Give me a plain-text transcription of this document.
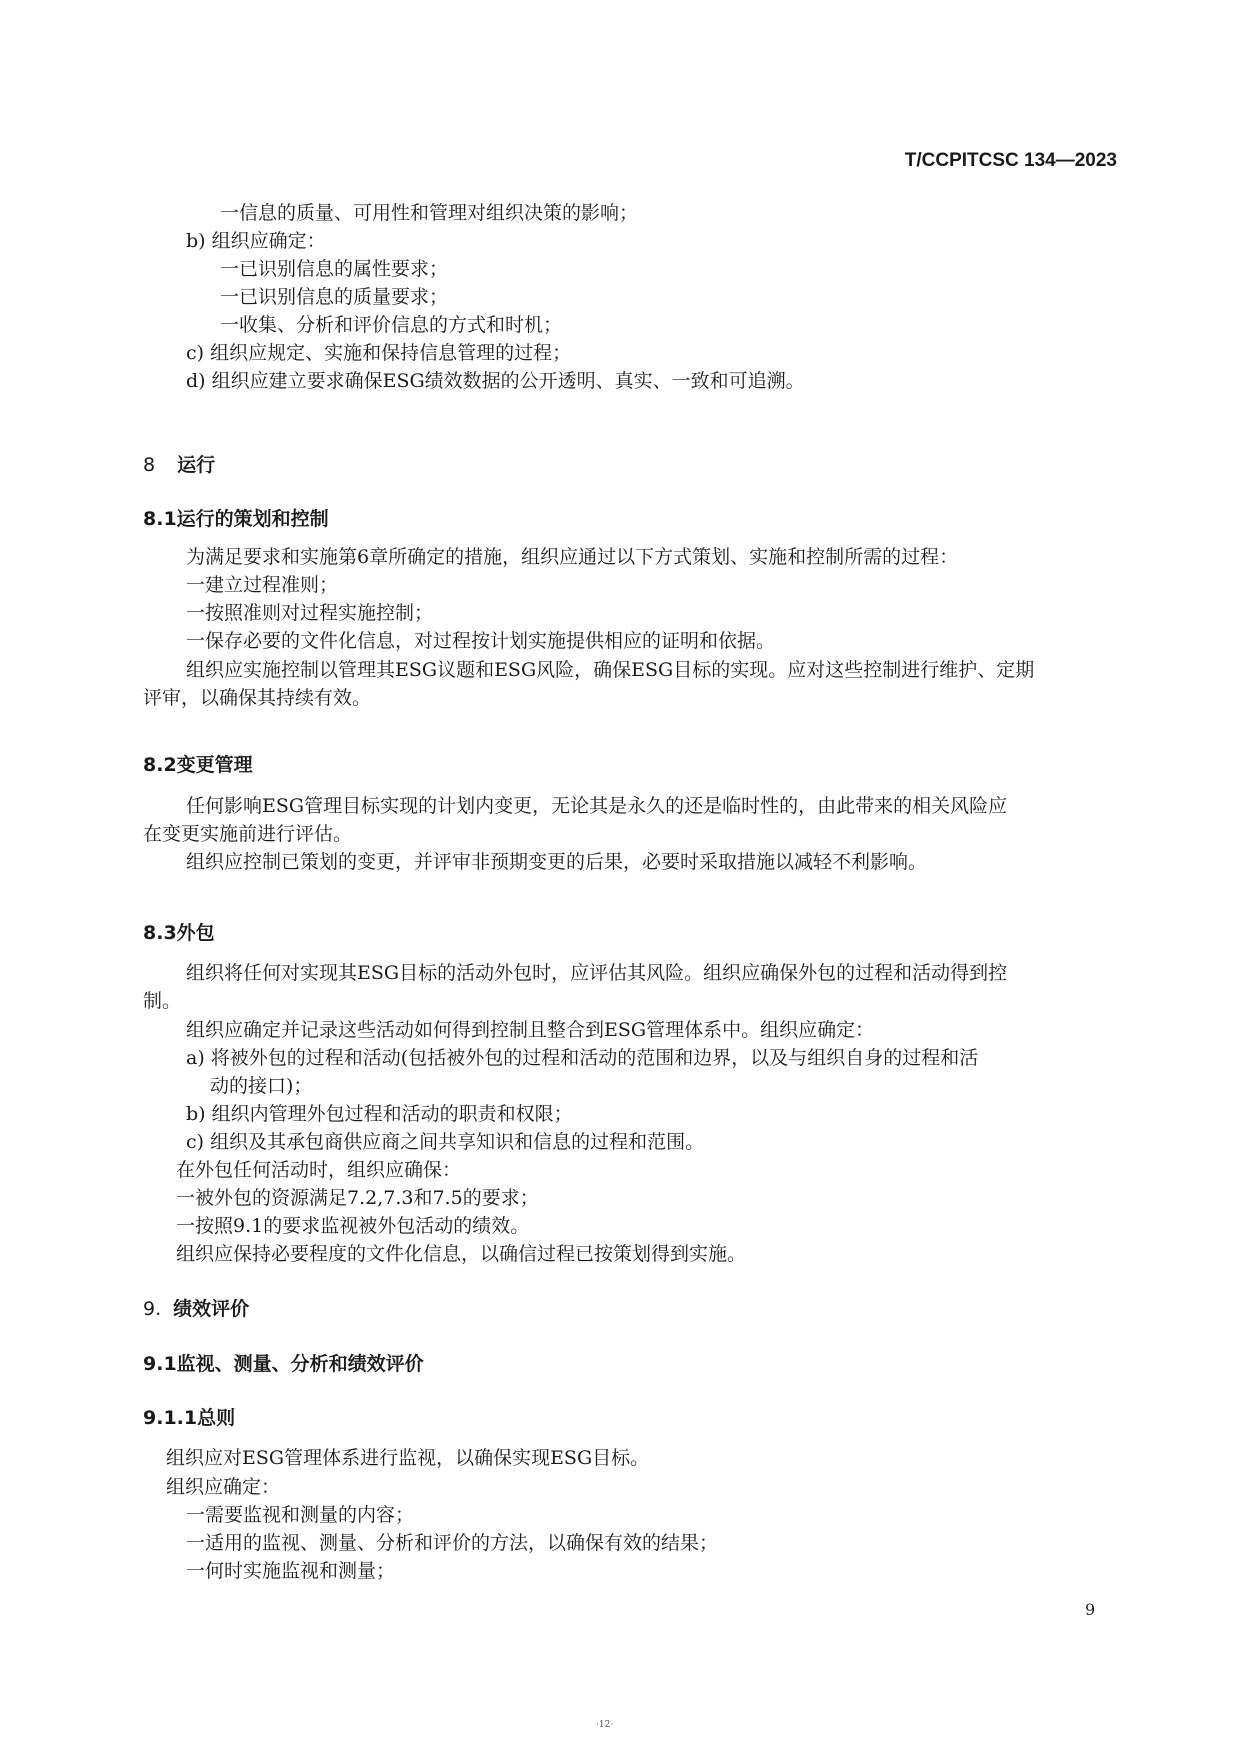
T/CCPITCSC 134—2023
一信息的质量、可用性和管理对组织决策的影响；
b) 组织应确定：
一已识别信息的属性要求；
一已识别信息的质量要求；
一收集、分析和评价信息的方式和时机；
c) 组织应规定、实施和保持信息管理的过程；
d) 组织应建立要求确保ESG绩效数据的公开透明、真实、一致和可追溯。
8 运行
8.1运行的策划和控制
为满足要求和实施第6章所确定的措施，组织应通过以下方式策划、实施和控制所需的过程：
一建立过程准则；
一按照准则对过程实施控制；
一保存必要的文件化信息，对过程按计划实施提供相应的证明和依据。
组织应实施控制以管理其ESG议题和ESG风险，确保ESG目标的实现。应对这些控制进行维护、定期
评审，以确保其持续有效。
8.2变更管理
任何影响ESG管理目标实现的计划内变更，无论其是永久的还是临时性的，由此带来的相关风险应
在变更实施前进行评估。
组织应控制已策划的变更，并评审非预期变更的后果，必要时采取措施以减轻不利影响。
8.3外包
组织将任何对实现其ESG目标的活动外包时，应评估其风险。组织应确保外包的过程和活动得到控
制。
组织应确定并记录这些活动如何得到控制且整合到ESG管理体系中。组织应确定：
a) 将被外包的过程和活动(包括被外包的过程和活动的范围和边界，以及与组织自身的过程和活
动的接口)；
b) 组织内管理外包过程和活动的职责和权限；
c) 组织及其承包商供应商之间共享知识和信息的过程和范围。
在外包任何活动时，组织应确保：
一被外包的资源满足7.2,7.3和7.5的要求；
一按照9.1的要求监视被外包活动的绩效。
组织应保持必要程度的文件化信息，以确信过程已按策划得到实施。
9. 绩效评价
9.1监视、测量、分析和绩效评价
9.1.1总则
组织应对ESG管理体系进行监视，以确保实现ESG目标。
组织应确定：
一需要监视和测量的内容；
一适用的监视、测量、分析和评价的方法，以确保有效的结果；
一何时实施监视和测量；
9
·12·
